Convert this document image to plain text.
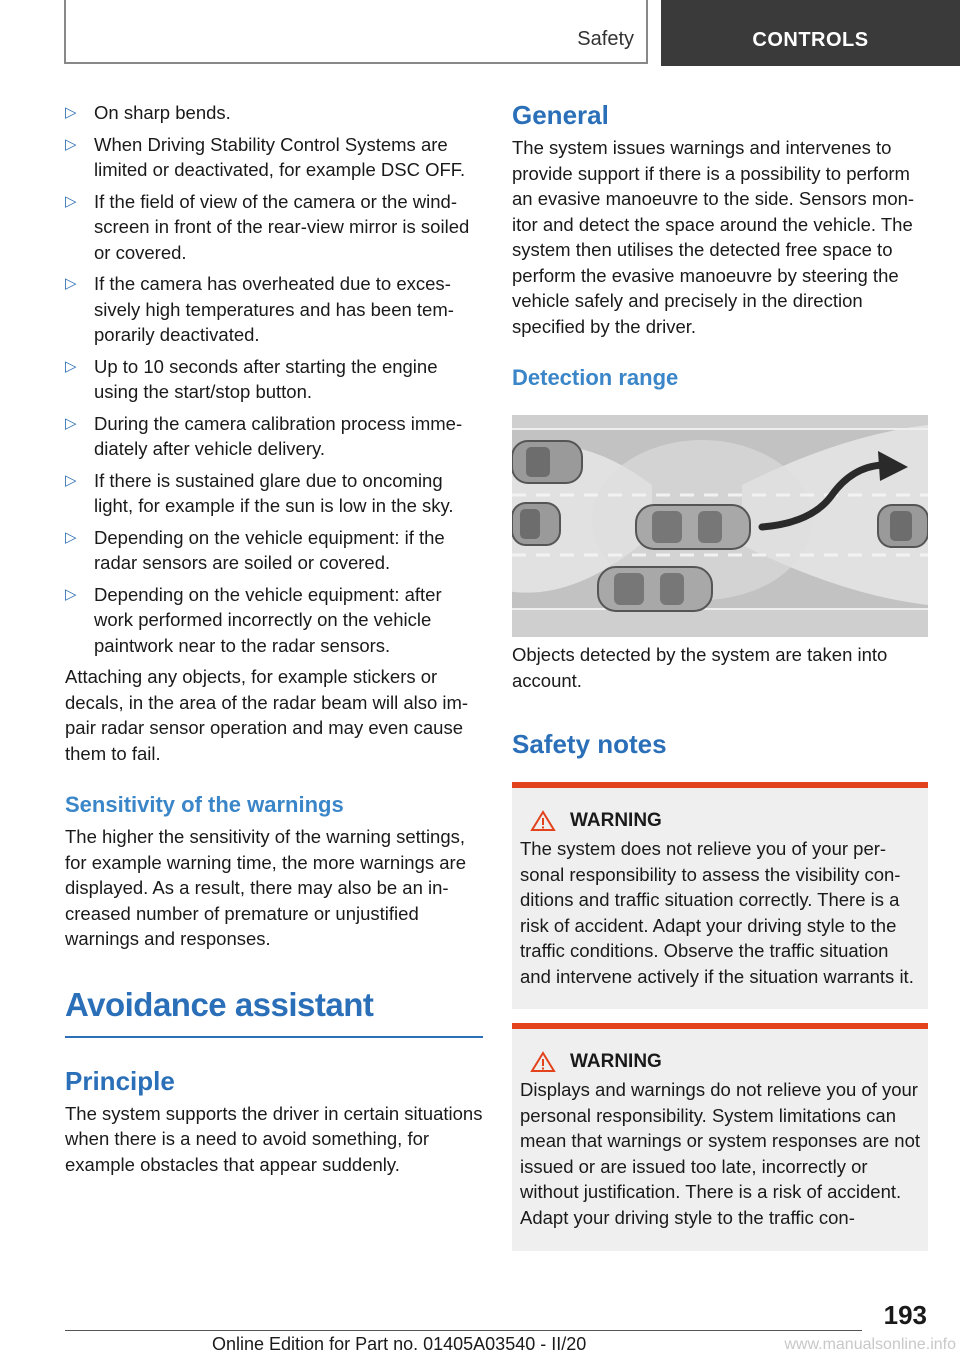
Safety	CONTROLS
▷ On sharp bends.
▷ When Driving Stability Control Systems are limited or deactivated, for example DSC OFF.
▷ If the field of view of the camera or the windscreen in front of the rear-view mirror is soiled or covered.
▷ If the camera has overheated due to excessively high temperatures and has been temporarily deactivated.
▷ Up to 10 seconds after starting the engine using the start/stop button.
▷ During the camera calibration process immediately after vehicle delivery.
▷ If there is sustained glare due to oncoming light, for example if the sun is low in the sky.
▷ Depending on the vehicle equipment: if the radar sensors are soiled or covered.
▷ Depending on the vehicle equipment: after work performed incorrectly on the vehicle paintwork near to the radar sensors.

Attaching any objects, for example stickers or decals, in the area of the radar beam will also impair radar sensor operation and may even cause them to fail.

Sensitivity of the warnings

The higher the sensitivity of the warning settings, for example warning time, the more warnings are displayed. As a result, there may also be an increased number of premature or unjustified warnings and responses.

Avoidance assistant
Principle

The system supports the driver in certain situations when there is a need to avoid something, for example obstacles that appear suddenly.

General

The system issues warnings and intervenes to provide support if there is a possibility to perform an evasive manoeuvre to the side. Sensors monitor and detect the space around the vehicle. The system then utilises the detected free space to perform the evasive manoeuvre by steering the vehicle safely and precisely in the direction specified by the driver.

Detection range

Objects detected by the system are taken into account.

Safety notes
WARNING

The system does not relieve you of your personal responsibility to assess the visibility conditions and traffic situation correctly. There is a risk of accident. Adapt your driving style to the traffic conditions. Observe the traffic situation and intervene actively if the situation warrants it.

WARNING

Displays and warnings do not relieve you of your personal responsibility. System limitations can mean that warnings or system responses are not issued or are issued too late, incorrectly or without justification. There is a risk of accident. Adapt your driving style to the traffic con-

193
Online Edition for Part no. 01405A03540 - II/20	www.manualsonline.info
